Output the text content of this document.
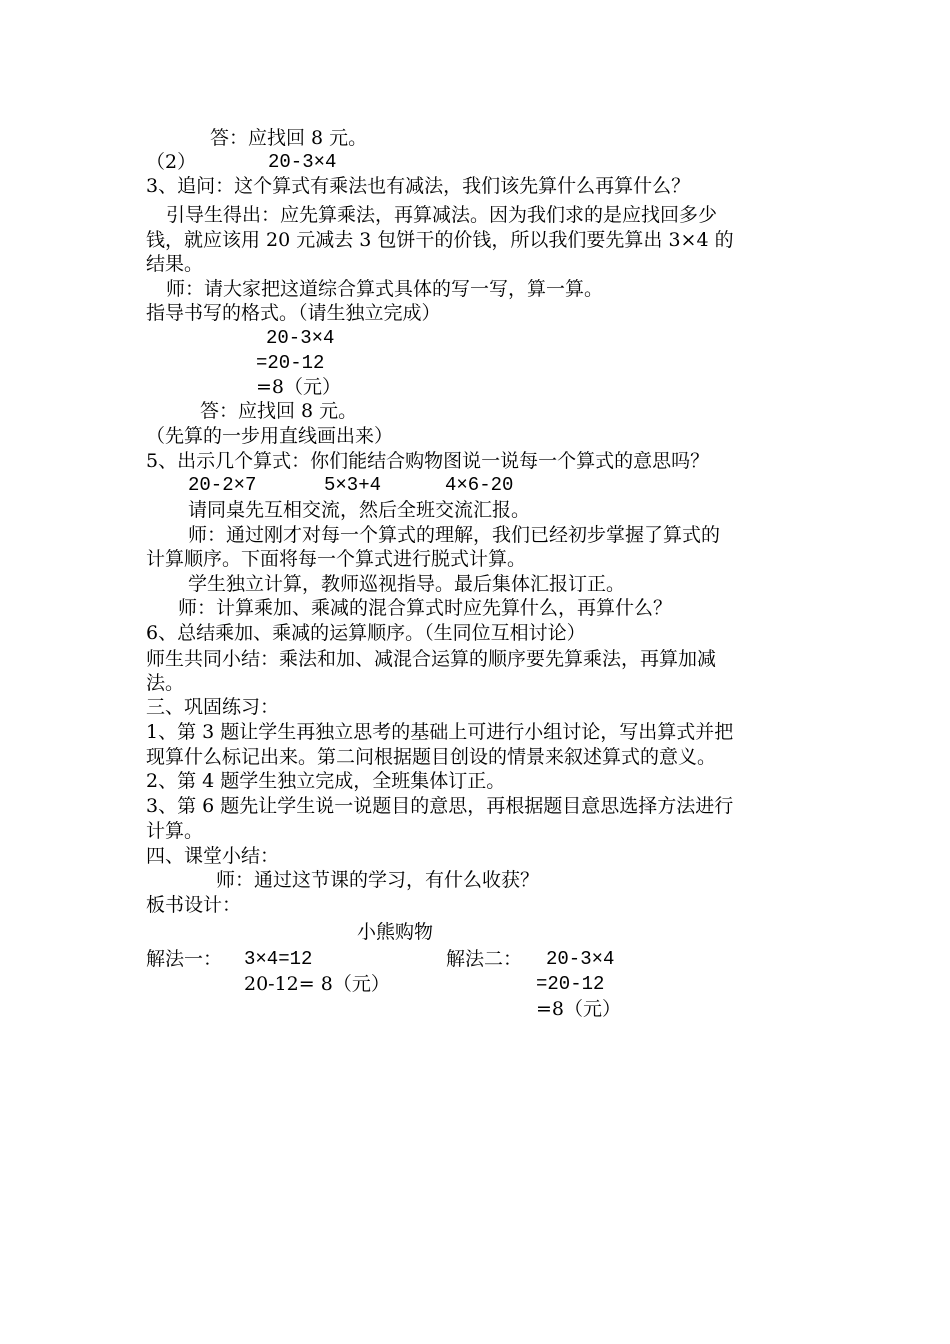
答：应找回 8 元。
（2）	20-3×4
3、追问：这个算式有乘法也有减法，我们该先算什么再算什么？
引导生得出：应先算乘法，再算减法。因为我们求的是应找回多少
钱，就应该用 20 元减去 3 包饼干的价钱，所以我们要先算出 3×4 的
结果。
师：请大家把这道综合算式具体的写一写，算一算。
指导书写的格式。（请生独立完成）
20-3×4
=20-12
=8（元）
答：应找回 8 元。
（先算的一步用直线画出来）
5、出示几个算式：你们能结合购物图说一说每一个算式的意思吗？
20-2×7	5×3+4	4×6-20
请同桌先互相交流，然后全班交流汇报。
师：通过刚才对每一个算式的理解，我们已经初步掌握了算式的
计算顺序。下面将每一个算式进行脱式计算。
学生独立计算，教师巡视指导。最后集体汇报订正。
师：计算乘加、乘减的混合算式时应先算什么，再算什么？
6、总结乘加、乘减的运算顺序。（生同位互相讨论）
师生共同小结：乘法和加、减混合运算的顺序要先算乘法，再算加减
法。
三、巩固练习：
1、第 3 题让学生再独立思考的基础上可进行小组讨论，写出算式并把
现算什么标记出来。第二问根据题目创设的情景来叙述算式的意义。
2、第 4 题学生独立完成，全班集体订正。
3、第 6 题先让学生说一说题目的意思，再根据题目意思选择方法进行
计算。
四、课堂小结：
师：通过这节课的学习，有什么收获？
板书设计：
小熊购物
解法一： 3×4=12	解法二： 20-3×4
20-12= 8（元）	=20-12
=8（元）
